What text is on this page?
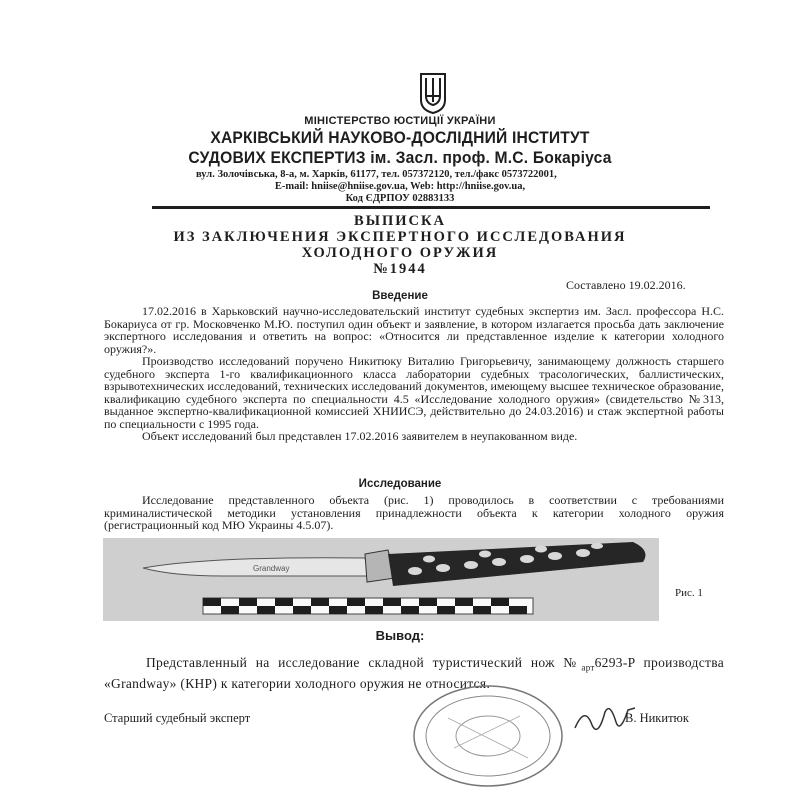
МІНІСТЕРСТВО ЮСТИЦІЇ УКРАЇНИ
ХАРКІВСЬКИЙ НАУКОВО-ДОСЛІДНИЙ ІНСТИТУТ
СУДОВИХ ЕКСПЕРТИЗ ім. Засл. проф. М.С. Бокаріуса
вул. Золочівська, 8-а, м. Харків, 61177, тел. 057372120, тел./факс 0573722001,
E-mail: hniise@hniise.gov.ua, Web: http://hniise.gov.ua,
Код ЄДРПОУ 02883133
ВЫПИСКА
ИЗ ЗАКЛЮЧЕНИЯ ЭКСПЕРТНОГО ИССЛЕДОВАНИЯ
ХОЛОДНОГО ОРУЖИЯ
№1944
Составлено 19.02.2016.
Введение

17.02.2016 в Харьковский научно-исследовательский институт судебных экспертиз им. Засл. профессора Н.С. Бокариуса от гр. Московченко М.Ю. поступил один объект и заявление, в котором излагается просьба дать заключение экспертного исследования и ответить на вопрос: «Относится ли представленное изделие к категории холодного оружия?».

Производство исследований поручено Никитюку Виталию Григорьевичу, занимающему должность старшего судебного эксперта 1-го квалификационного класса лаборатории судебных трасологических, баллистических, взрывотехнических исследований, технических исследований документов, имеющему высшее техническое образование, квалификацию судебного эксперта по специальности 4.5 «Исследование холодного оружия» (свидетельство №313, выданное экспертно-квалификационной комиссией ХНИИСЭ, действительно до 24.03.2016) и стаж экспертной работы по специальности с 1995 года.

Объект исследований был представлен 17.02.2016 заявителем в неупакованном виде.

Исследование

Исследование представленного объекта (рис. 1) проводилось в соответствии с требованиями криминалистической методики установления принадлежности объекта к категории холодного оружия (регистрационный код МЮ Украины 4.5.07).

Grandway
Рис. 1
Вывод:

Представленный на исследование складной туристический нож $№_{арт}6293-P$ производства «Grandway» (КНР) к категории холодного оружия не относится.

Старший судебный эксперт	В. Никитюк
